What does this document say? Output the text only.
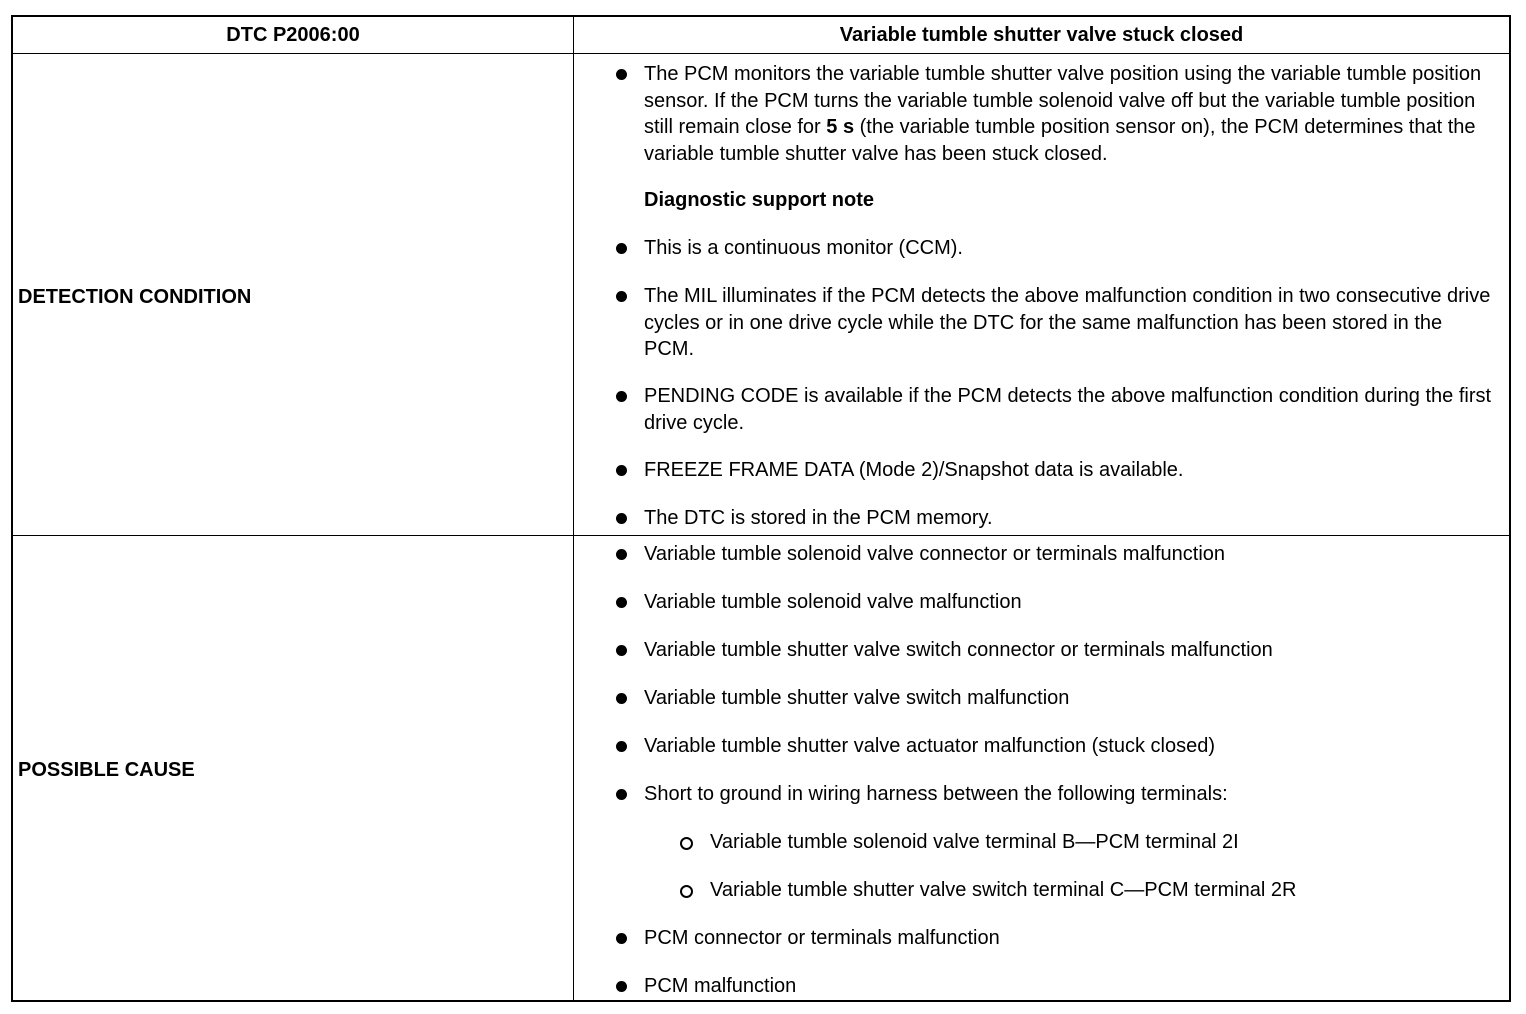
DTC P2006:00	Variable tumble shutter valve stuck closed
DETECTION CONDITION
The PCM monitors the variable tumble shutter valve position using the variable tumble position sensor. If the PCM turns the variable tumble solenoid valve off but the variable tumble position still remain close for 5 s (the variable tumble position sensor on), the PCM determines that the variable tumble shutter valve has been stuck closed.
Diagnostic support note
This is a continuous monitor (CCM).
The MIL illuminates if the PCM detects the above malfunction condition in two consecutive drive cycles or in one drive cycle while the DTC for the same malfunction has been stored in the PCM.
PENDING CODE is available if the PCM detects the above malfunction condition during the first drive cycle.
FREEZE FRAME DATA (Mode 2)/Snapshot data is available.
The DTC is stored in the PCM memory.
POSSIBLE CAUSE
Variable tumble solenoid valve connector or terminals malfunction
Variable tumble solenoid valve malfunction
Variable tumble shutter valve switch connector or terminals malfunction
Variable tumble shutter valve switch malfunction
Variable tumble shutter valve actuator malfunction (stuck closed)
Short to ground in wiring harness between the following terminals:
Variable tumble solenoid valve terminal B—PCM terminal 2I
Variable tumble shutter valve switch terminal C—PCM terminal 2R
PCM connector or terminals malfunction
PCM malfunction
